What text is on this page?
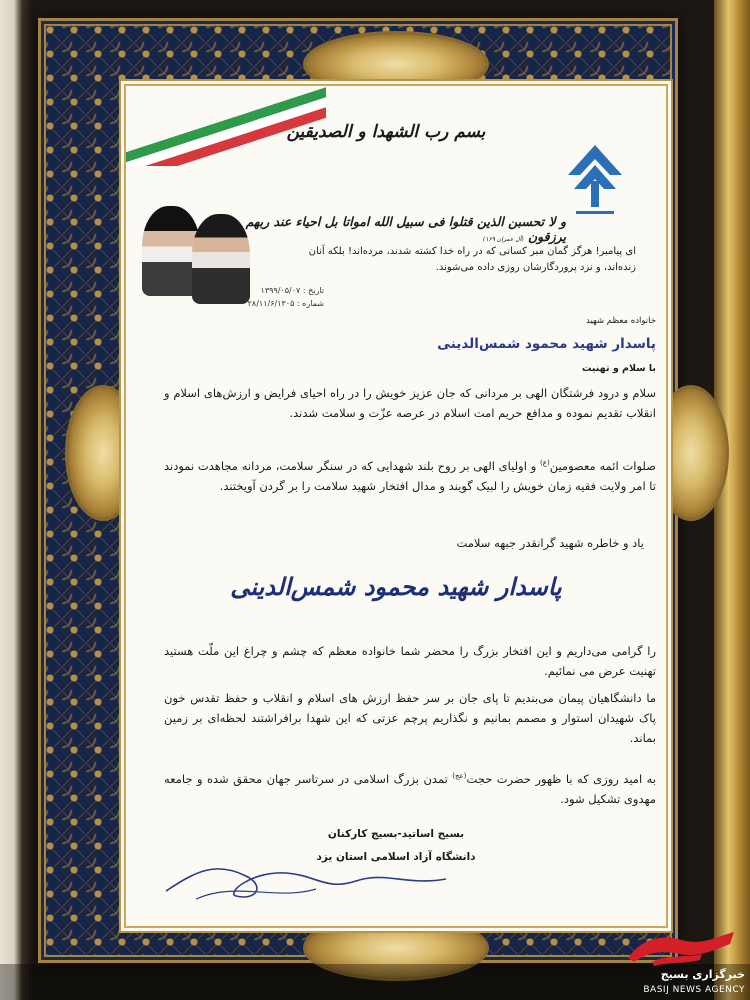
بسم رب الشهدا و الصدیقین
و لا تحسبن الذین قتلوا فی سبیل الله امواتا بل احیاء عند ربهم یرزقون (آل عمران ۱۶۹)
ای پیامبر! هرگز گمان مبر کسانی که در راه خدا کشته شدند، مرده‌اند! بلکه آنان
زنده‌اند، و نزد پروردگارشان روزی داده می‌شوند.
تاریخ : ۱۳۹۹/۰۵/۰۷
شماره : ۲۸/۱۱/۶/۱۳۰۵
خانواده معظم شهید
پاسدار شهید محمود شمس‌الدینی
با سلام و تهنیت
سلام و درود فرشتگان الهی بر مردانی که جان عزیز خویش را در راه احیای فرایض و ارزش‌های اسلام و انقلاب تقدیم نموده و مدافع حریم امت اسلام در عرصه عزّت و سلامت شدند.
صلوات ائمه معصومین$^{(ع)}$ و اولیای الهی بر روح بلند شهدایی که در سنگر سلامت، مردانه مجاهدت نمودند تا امر ولایت فقیه زمان خویش را لبیک گویند و مدال افتخار شهید سلامت را بر گردن آویختند.
یاد و خاطره شهید گرانقدر جبهه سلامت
پاسدار شهید محمود شمس‌الدینی
را گرامی می‌داریم و این افتخار بزرگ را محضر شما خانواده معظم که چشم و چراغ این ملّت هستید تهنیت عرض می نمائیم.
ما دانشگاهیان پیمان می‌بندیم تا پای جان بر سر حفظ ارزش های اسلام و انقلاب و حفظ تقدس خون پاک شهیدان استوار و مصمم بمانیم و نگذاریم پرچم عزتی که این شهدا برافراشتند لحظه‌ای بر زمین بماند.
به امید روزی که با ظهور حضرت حجت$^{(عج)}$ تمدن بزرگ اسلامی در سرتاسر جهان محقق شده و جامعه مهدوی تشکیل شود.
بسیج اساتید-بسیج کارکنان
دانشگاه آزاد اسلامی استان یزد
خبرگزاری بسیج
BASIJ NEWS AGENCY
